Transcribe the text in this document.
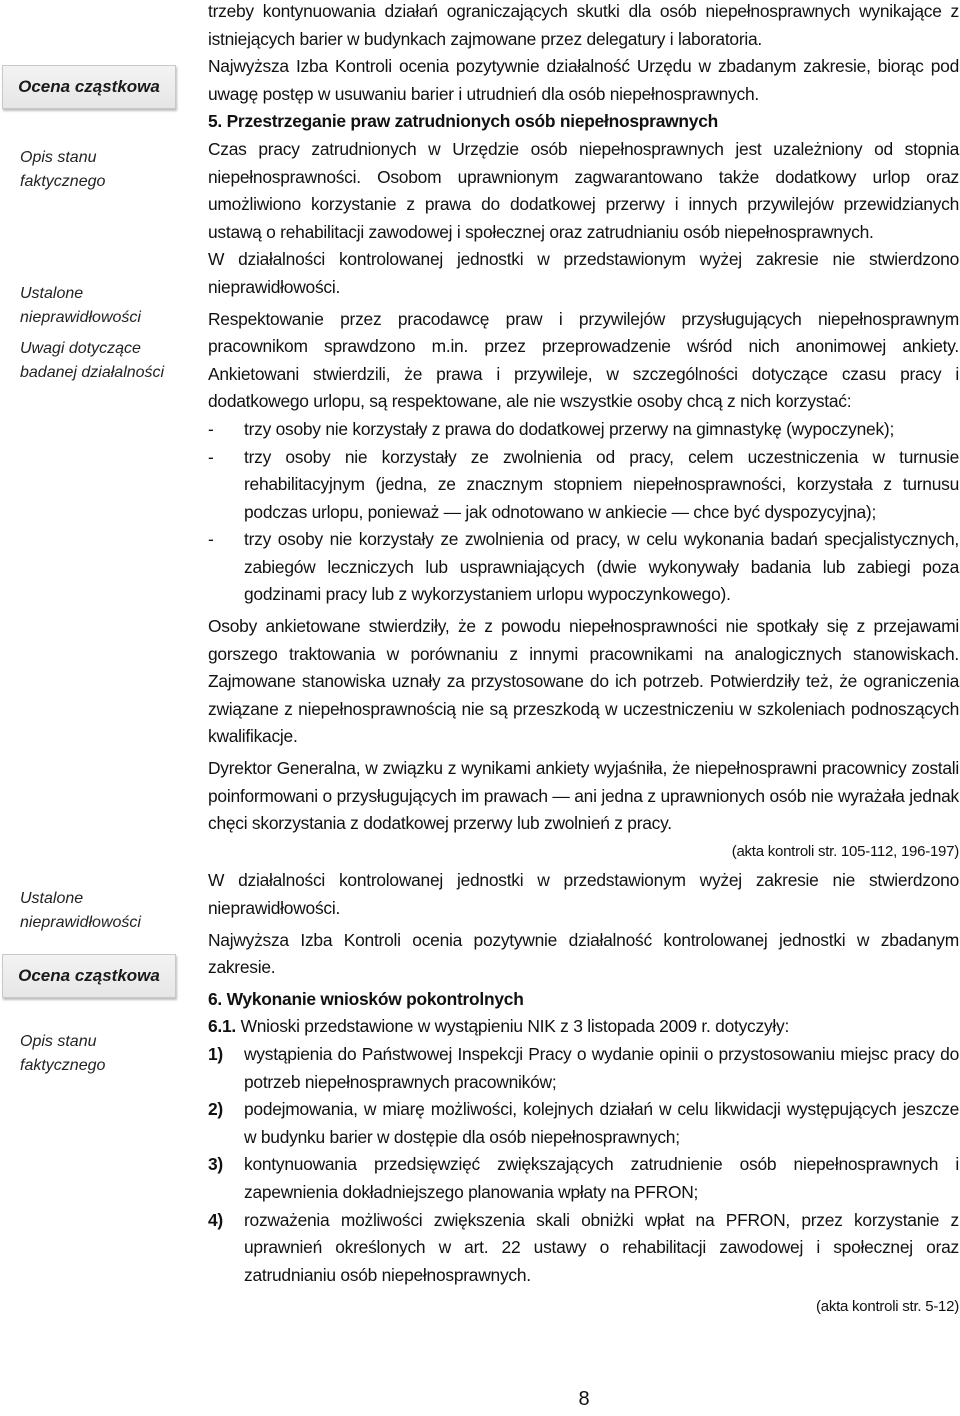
Ocena cząstkowa
Opis stanu
faktycznego
Ustalone
nieprawidłowości
Uwagi dotyczące
badanej działalności
Ustalone
nieprawidłowości
Ocena cząstkowa
Opis stanu
faktycznego

trzeby kontynuowania działań ograniczających skutki dla osób niepełnosprawnych wynikające z istniejących barier w budynkach zajmowane przez delegatury i laboratoria.

Najwyższa Izba Kontroli ocenia pozytywnie działalność Urzędu w zbadanym zakresie, biorąc pod uwagę postęp w usuwaniu barier i utrudnień dla osób niepełnosprawnych.

5. Przestrzeganie praw zatrudnionych osób niepełnosprawnych

Czas pracy zatrudnionych w Urzędzie osób niepełnosprawnych jest uzależniony od stopnia niepełnosprawności. Osobom uprawnionym zagwarantowano także dodatkowy urlop oraz umożliwiono korzystanie z prawa do dodatkowej przerwy i innych przywilejów przewidzianych ustawą o rehabilitacji zawodowej i społecznej oraz zatrudnianiu osób niepełnosprawnych.

W działalności kontrolowanej jednostki w przedstawionym wyżej zakresie nie stwierdzono nieprawidłowości.

Respektowanie przez pracodawcę praw i przywilejów przysługujących niepełnosprawnym pracownikom sprawdzono m.in. przez przeprowadzenie wśród nich anonimowej ankiety. Ankietowani stwierdzili, że prawa i przywileje, w szczególności dotyczące czasu pracy i dodatkowego urlopu, są respektowane, ale nie wszystkie osoby chcą z nich korzystać:

-	trzy osoby nie korzystały z prawa do dodatkowej przerwy na gimnastykę (wypoczynek);
-	trzy osoby nie korzystały ze zwolnienia od pracy, celem uczestniczenia w turnusie rehabilitacyjnym (jedna, ze znacznym stopniem niepełnosprawności, korzystała z turnusu podczas urlopu, ponieważ — jak odnotowano w ankiecie — chce być dyspozycyjna);
-	trzy osoby nie korzystały ze zwolnienia od pracy, w celu wykonania badań specjalistycznych, zabiegów leczniczych lub usprawniających (dwie wykonywały badania lub zabiegi poza godzinami pracy lub z wykorzystaniem urlopu wypoczynkowego).

Osoby ankietowane stwierdziły, że z powodu niepełnosprawności nie spotkały się z przejawami gorszego traktowania w porównaniu z innymi pracownikami na analogicznych stanowiskach. Zajmowane stanowiska uznały za przystosowane do ich potrzeb. Potwierdziły też, że ograniczenia związane z niepełnosprawnością nie są przeszkodą w uczestniczeniu w szkoleniach podnoszących kwalifikacje.

Dyrektor Generalna, w związku z wynikami ankiety wyjaśniła, że niepełnosprawni pracownicy zostali poinformowani o przysługujących im prawach — ani jedna z uprawnionych osób nie wyrażała jednak chęci skorzystania z dodatkowej przerwy lub zwolnień z pracy.

(akta kontroli str. 105-112, 196-197)

W działalności kontrolowanej jednostki w przedstawionym wyżej zakresie nie stwierdzono nieprawidłowości.

Najwyższa Izba Kontroli ocenia pozytywnie działalność kontrolowanej jednostki w zbadanym zakresie.

6. Wykonanie wniosków pokontrolnych

6.1. Wnioski przedstawione w wystąpieniu NIK z 3 listopada 2009 r. dotyczyły:

1)	wystąpienia do Państwowej Inspekcji Pracy o wydanie opinii o przystosowaniu miejsc pracy do potrzeb niepełnosprawnych pracowników;
2)	podejmowania, w miarę możliwości, kolejnych działań w celu likwidacji występujących jeszcze w budynku barier w dostępie dla osób niepełnosprawnych;
3)	kontynuowania przedsięwzięć zwiększających zatrudnienie osób niepełnosprawnych i zapewnienia dokładniejszego planowania wpłaty na PFRON;
4)	rozważenia możliwości zwiększenia skali obniżki wpłat na PFRON, przez korzystanie z uprawnień określonych w art. 22 ustawy o rehabilitacji zawodowej i społecznej oraz zatrudnianiu osób niepełnosprawnych.

(akta kontroli str. 5-12)

8
